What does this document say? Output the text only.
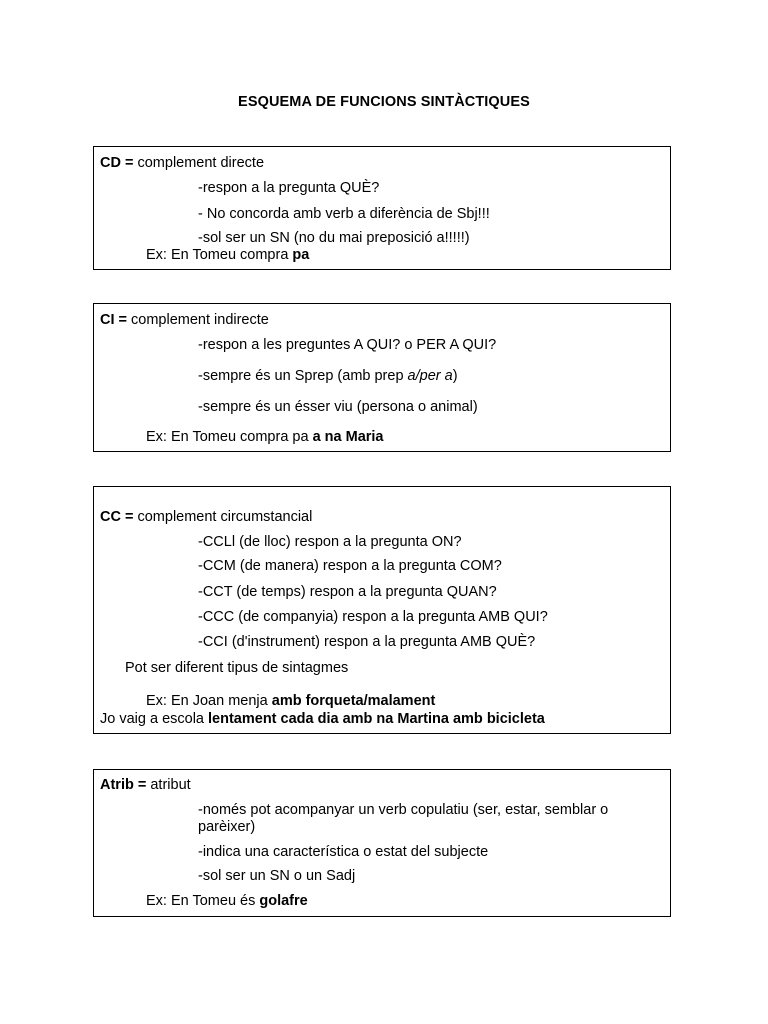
ESQUEMA DE FUNCIONS SINTÀCTIQUES
CD = complement directe
-respon a la pregunta QUÈ?
- No concorda amb verb a diferència de Sbj!!!
-sol ser un SN (no du mai preposició a!!!!!)
Ex: En Tomeu compra pa
CI = complement indirecte
-respon a les preguntes A QUI? o PER A QUI?
-sempre és un Sprep (amb prep a/per a)
-sempre és un ésser viu (persona o animal)
Ex: En Tomeu compra pa a na Maria
CC = complement circumstancial
-CCLl (de lloc) respon a la pregunta ON?
-CCM (de manera) respon a la pregunta COM?
-CCT (de temps) respon a la pregunta QUAN?
-CCC (de companyia) respon a la pregunta AMB QUI?
-CCI (d'instrument) respon a la pregunta AMB QUÈ?
Pot ser diferent tipus de sintagmes
Ex: En Joan menja amb forqueta/malament
Jo vaig a escola lentament cada dia amb na Martina amb bicicleta
Atrib = atribut
-només pot acompanyar un verb copulatiu (ser, estar, semblar o parèixer)
-indica una característica o estat del subjecte
-sol ser un SN o un Sadj
Ex: En Tomeu és golafre
